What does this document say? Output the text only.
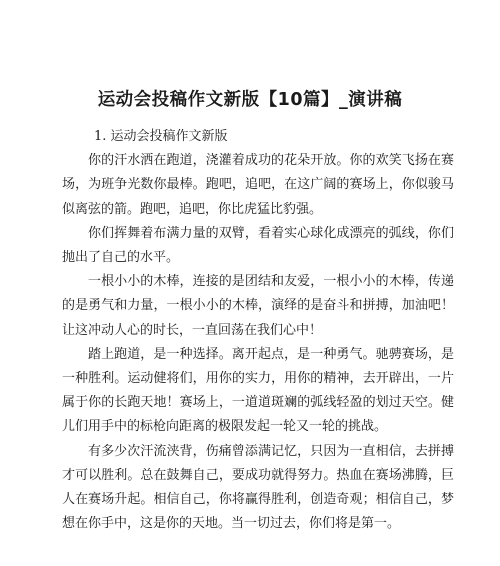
运动会投稿作文新版【10篇】_演讲稿
1. 运动会投稿作文新版
你的汗水洒在跑道，浇灌着成功的花朵开放。你的欢笑飞扬在赛场，为班争光数你最棒。跑吧，追吧，在这广阔的赛场上，你似骏马似离弦的箭。跑吧，追吧，你比虎猛比豹强。
你们挥舞着布满力量的双臂，看着实心球化成漂亮的弧线，你们抛出了自己的水平。
一根小小的木棒，连接的是团结和友爱，一根小小的木棒，传递的是勇气和力量，一根小小的木棒，演绎的是奋斗和拼搏，加油吧！让这冲动人心的时长，一直回荡在我们心中！
踏上跑道，是一种选择。离开起点，是一种勇气。驰骋赛场，是一种胜利。运动健将们，用你的实力，用你的精神，去开辟出，一片属于你的长跑天地！赛场上，一道道斑斓的弧线轻盈的划过天空。健儿们用手中的标枪向距离的极限发起一轮又一轮的挑战。
有多少次汗流浃背，伤痛曾添满记忆，只因为一直相信，去拼搏才可以胜利。总在鼓舞自己，要成功就得努力。热血在赛场沸腾，巨人在赛场升起。相信自己，你将赢得胜利，创造奇观；相信自己，梦想在你手中，这是你的天地。当一切过去，你们将是第一。
